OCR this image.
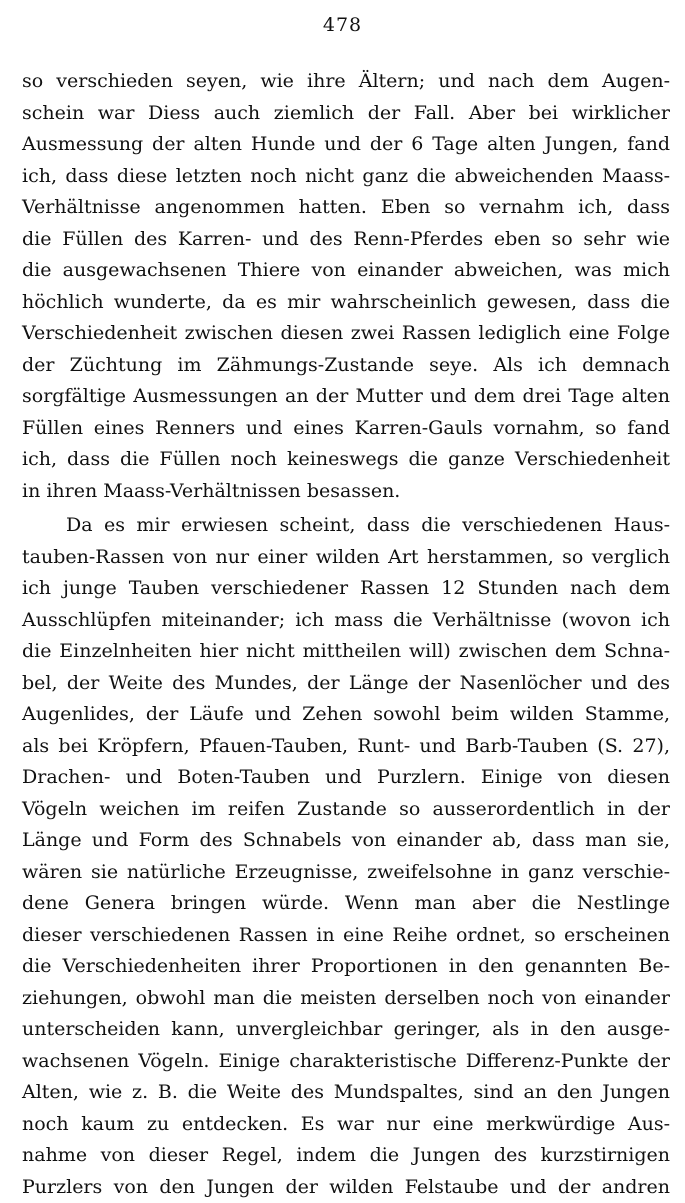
478
so verschieden seyen, wie ihre Ältern; und nach dem Augen-
schein war Diess auch ziemlich der Fall. Aber bei wirklicher
Ausmessung der alten Hunde und der 6 Tage alten Jungen, fand
ich, dass diese letzten noch nicht ganz die abweichenden Maass-
Verhältnisse angenommen hatten. Eben so vernahm ich, dass
die Füllen des Karren- und des Renn-Pferdes eben so sehr wie
die ausgewachsenen Thiere von einander abweichen, was mich
höchlich wunderte, da es mir wahrscheinlich gewesen, dass die
Verschiedenheit zwischen diesen zwei Rassen lediglich eine Folge
der Züchtung im Zähmungs-Zustande seye. Als ich demnach
sorgfältige Ausmessungen an der Mutter und dem drei Tage alten
Füllen eines Renners und eines Karren-Gauls vornahm, so fand
ich, dass die Füllen noch keineswegs die ganze Verschiedenheit
in ihren Maass-Verhältnissen besassen.
Da es mir erwiesen scheint, dass die verschiedenen Haus-
tauben-Rassen von nur einer wilden Art herstammen, so verglich
ich junge Tauben verschiedener Rassen 12 Stunden nach dem
Ausschlüpfen miteinander; ich mass die Verhältnisse (wovon ich
die Einzelnheiten hier nicht mittheilen will) zwischen dem Schna-
bel, der Weite des Mundes, der Länge der Nasenlöcher und des
Augenlides, der Läufe und Zehen sowohl beim wilden Stamme,
als bei Kröpfern, Pfauen-Tauben, Runt- und Barb-Tauben (S. 27),
Drachen- und Boten-Tauben und Purzlern. Einige von diesen
Vögeln weichen im reifen Zustande so ausserordentlich in der
Länge und Form des Schnabels von einander ab, dass man sie,
wären sie natürliche Erzeugnisse, zweifelsohne in ganz verschie-
dene Genera bringen würde. Wenn man aber die Nestlinge
dieser verschiedenen Rassen in eine Reihe ordnet, so erscheinen
die Verschiedenheiten ihrer Proportionen in den genannten Be-
ziehungen, obwohl man die meisten derselben noch von einander
unterscheiden kann, unvergleichbar geringer, als in den ausge-
wachsenen Vögeln. Einige charakteristische Differenz-Punkte der
Alten, wie z. B. die Weite des Mundspaltes, sind an den Jungen
noch kaum zu entdecken. Es war nur eine merkwürdige Aus-
nahme von dieser Regel, indem die Jungen des kurzstirnigen
Purzlers von den Jungen der wilden Felstaube und der andren
